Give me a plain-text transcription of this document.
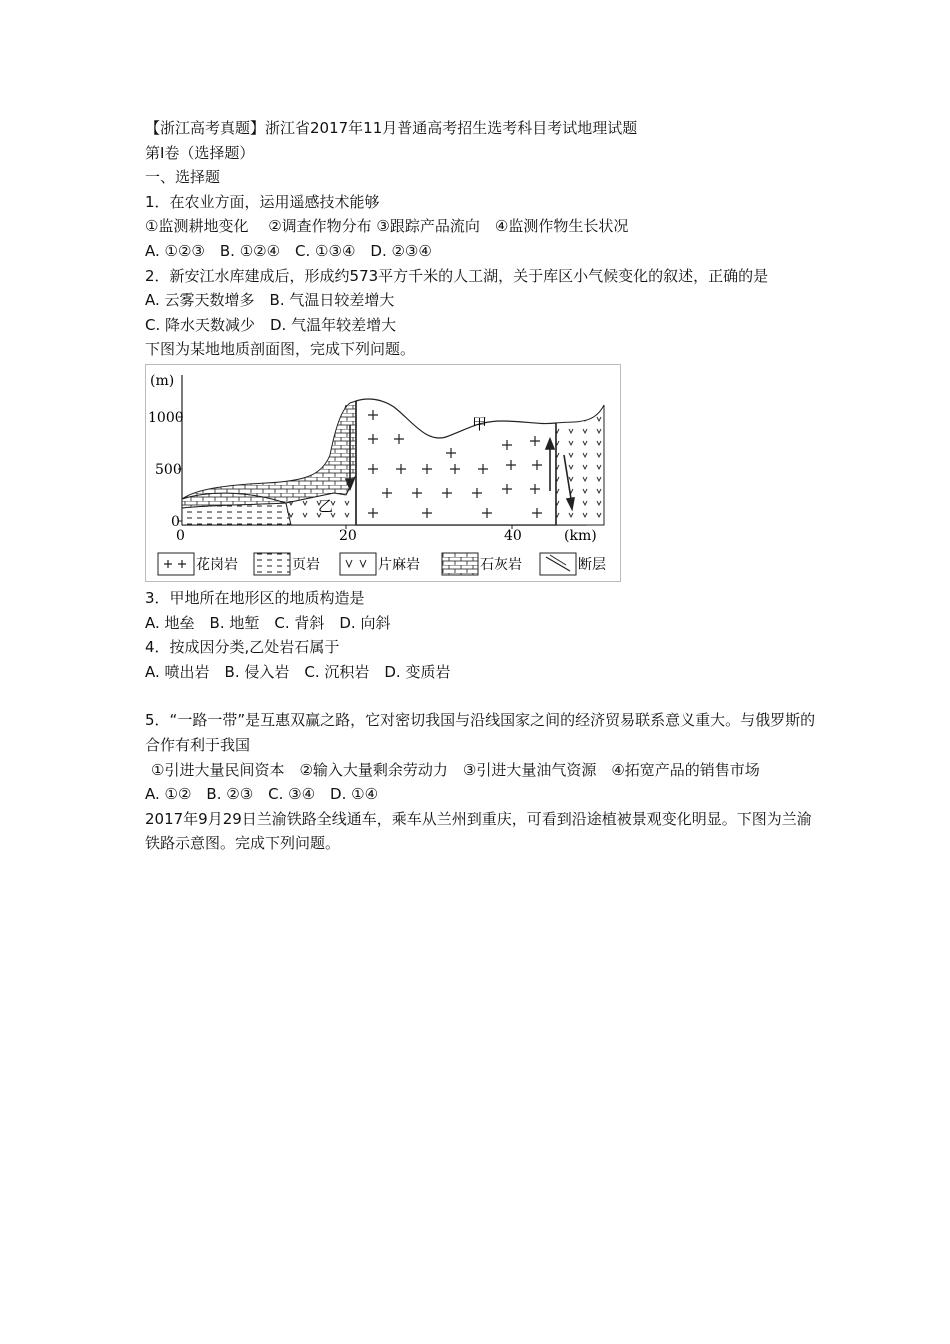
【浙江高考真题】浙江省2017年11月普通高考招生选考科目考试地理试题
第Ⅰ卷（选择题）
一、选择题
1．在农业方面，运用遥感技术能够
①监测耕地变化　 ②调查作物分布 ③跟踪产品流向　④监测作物生长状况
A. ①②③　B. ①②④　C. ①③④　D. ②③④
2．新安江水库建成后，形成约573平方千米的人工湖，关于库区小气候变化的叙述，正确的是
A. 云雾天数增多　B. 气温日较差增大
C. 降水天数减少　D. 气温年较差增大
下图为某地地质剖面图，完成下列问题。
(m)
1000
500
0
0	20	40	(km)
甲
乙
花岗岩	页岩	片麻岩	石灰岩	断层
3．甲地所在地形区的地质构造是
A. 地垒　B. 地堑　C. 背斜　D. 向斜
4．按成因分类,乙处岩石属于
A. 喷出岩　B. 侵入岩　C. 沉积岩　D. 变质岩
5．“一路一带”是互惠双赢之路，它对密切我国与沿线国家之间的经济贸易联系意义重大。与俄罗斯的合作有利于我国
①引进大量民间资本　②输入大量剩余劳动力　③引进大量油气资源　④拓宽产品的销售市场
A. ①②　B. ②③　C. ③④　D. ①④
2017年9月29日兰渝铁路全线通车，乘车从兰州到重庆，可看到沿途植被景观变化明显。下图为兰渝铁路示意图。完成下列问题。
